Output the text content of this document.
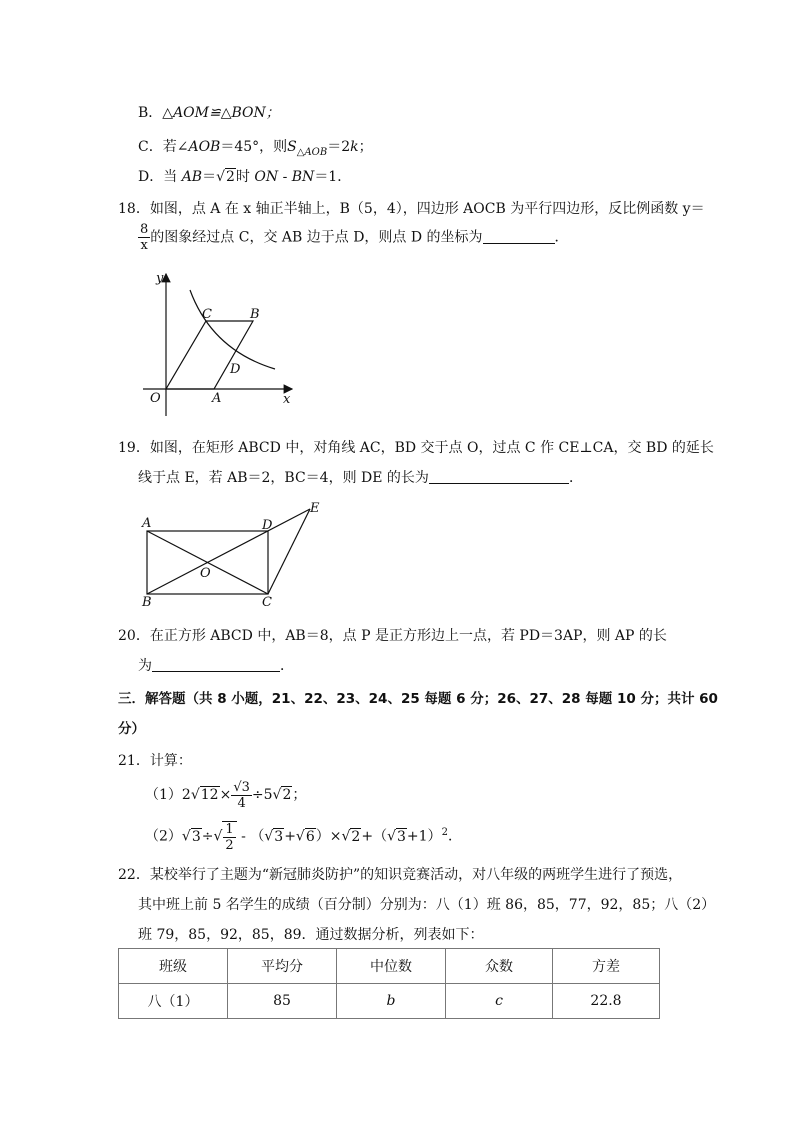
B．△AOM≌△BON；
C．若∠AOB＝45°，则$S_{\triangle AOB}=2k$；
D．当 AB＝√2时 ON - BN＝1．
18．如图，点 A 在 x 轴正半轴上，B（5，4），四边形 AOCB 为平行四边形，反比例函数 y＝
$\frac{8}{x}$ 的图象经过点 C，交 AB 边于点 D，则点 D 的坐标为	．
y
x
O	A
C	B
D
19．如图，在矩形 ABCD 中，对角线 AC，BD 交于点 O，过点 C 作 CE⊥CA，交 BD 的延长
线于点 E，若 AB＝2，BC＝4，则 DE 的长为	．
A	D
E
O
B	C
20．在正方形 ABCD 中，AB＝8，点 P 是正方形边上一点，若 PD＝3AP，则 AP 的长
为	．
三．解答题（共 8 小题，21、22、23、24、25 每题 6 分；26、27、28 每题 10 分；共计 60
分）
21．计算：
$(1)2√12\times \frac{√3}{4} \div 5√2$；
$(2)√3\div√ \frac{1}{2} - (√3+√6)\times√2+(√3+1)^2$．
22．某校举行了主题为“新冠肺炎防护”的知识竞赛活动，对八年级的两班学生进行了预选，
其中班上前 5 名学生的成绩（百分制）分别为：八（1）班 86，85，77，92，85；八（2）
班 79，85，92，85，89．通过数据分析，列表如下：
班级	平均分	中位数	众数	方差
八（1）	85	b	c	22.8
